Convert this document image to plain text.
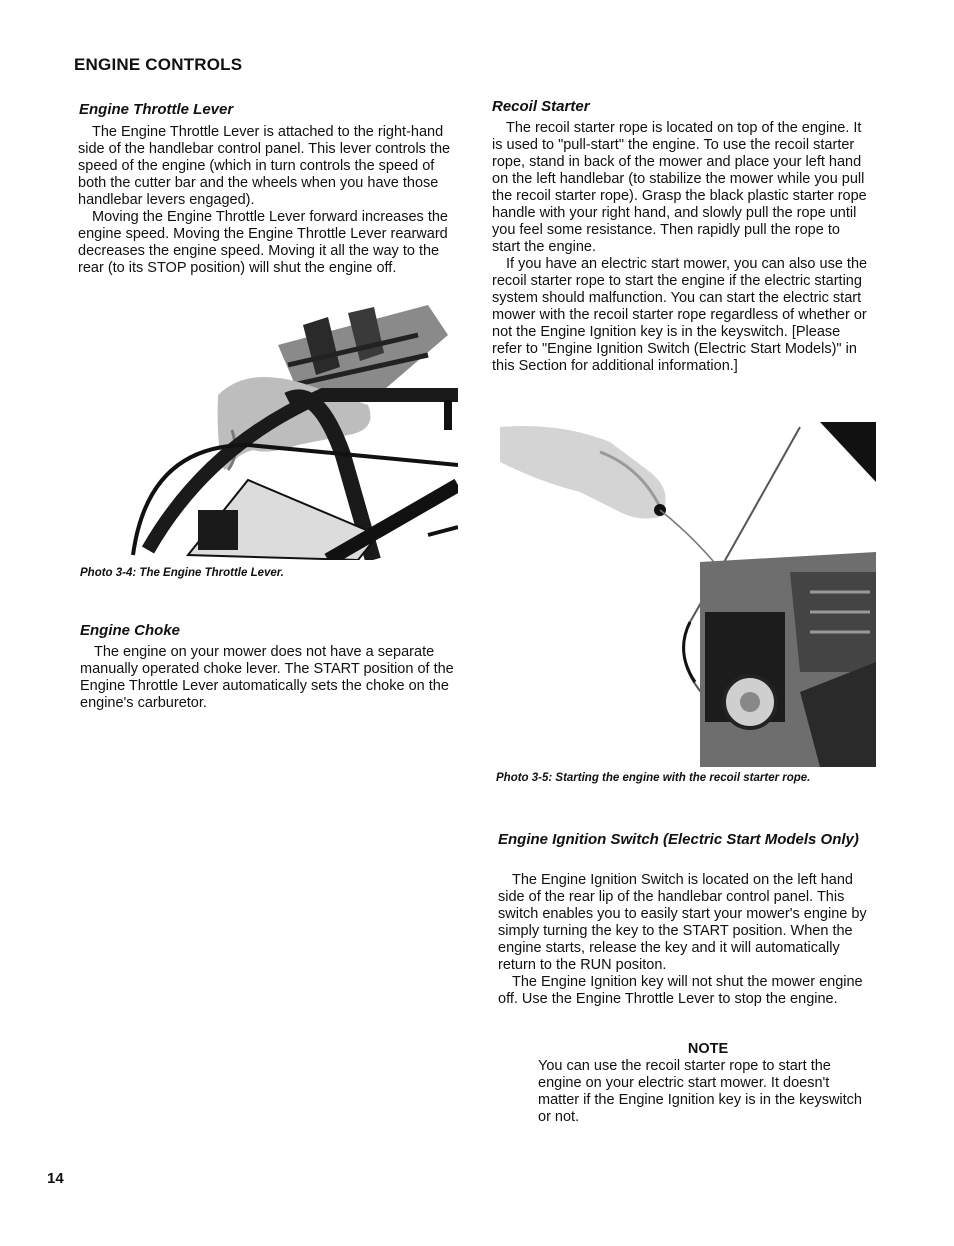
ENGINE CONTROLS
Engine Throttle Lever

The Engine Throttle Lever is attached to the right-hand side of the handlebar control panel. This lever controls the speed of the engine (which in turn controls the speed of both the cutter bar and the wheels when you have those handlebar levers engaged).

Moving the Engine Throttle Lever forward increases the engine speed. Moving the Engine Throttle Lever rearward decreases the engine speed. Moving it all the way to the rear (to its STOP position) will shut the engine off.

Photo 3-4: The Engine Throttle Lever.
Engine Choke

The engine on your mower does not have a separate manually operated choke lever. The START position of the Engine Throttle Lever automatically sets the choke on the engine's carburetor.

Recoil Starter

The recoil starter rope is located on top of the engine. It is used to "pull-start" the engine. To use the recoil starter rope, stand in back of the mower and place your left hand on the left handlebar (to stabilize the mower while you pull the recoil starter rope). Grasp the black plastic starter rope handle with your right hand, and slowly pull the rope until you feel some resistance. Then rapidly pull the rope to start the engine.

If you have an electric start mower, you can also use the recoil starter rope to start the engine if the electric starting system should malfunction. You can start the electric start mower with the recoil starter rope regardless of whether or not the Engine Ignition key is in the keyswitch. [Please refer to "Engine Ignition Switch (Electric Start Models)" in this Section for additional information.]

Photo 3-5: Starting the engine with the recoil starter rope.
Engine Ignition Switch (Electric Start Models Only)

The Engine Ignition Switch is located on the left hand side of the rear lip of the handlebar control panel. This switch enables you to easily start your mower's engine by simply turning the key to the START position. When the engine starts, release the key and it will automatically return to the RUN positon.

The Engine Ignition key will not shut the mower engine off. Use the Engine Throttle Lever to stop the engine.

NOTE
You can use the recoil starter rope to start the engine on your electric start mower. It doesn't matter if the Engine Ignition key is in the keyswitch or not.
14
